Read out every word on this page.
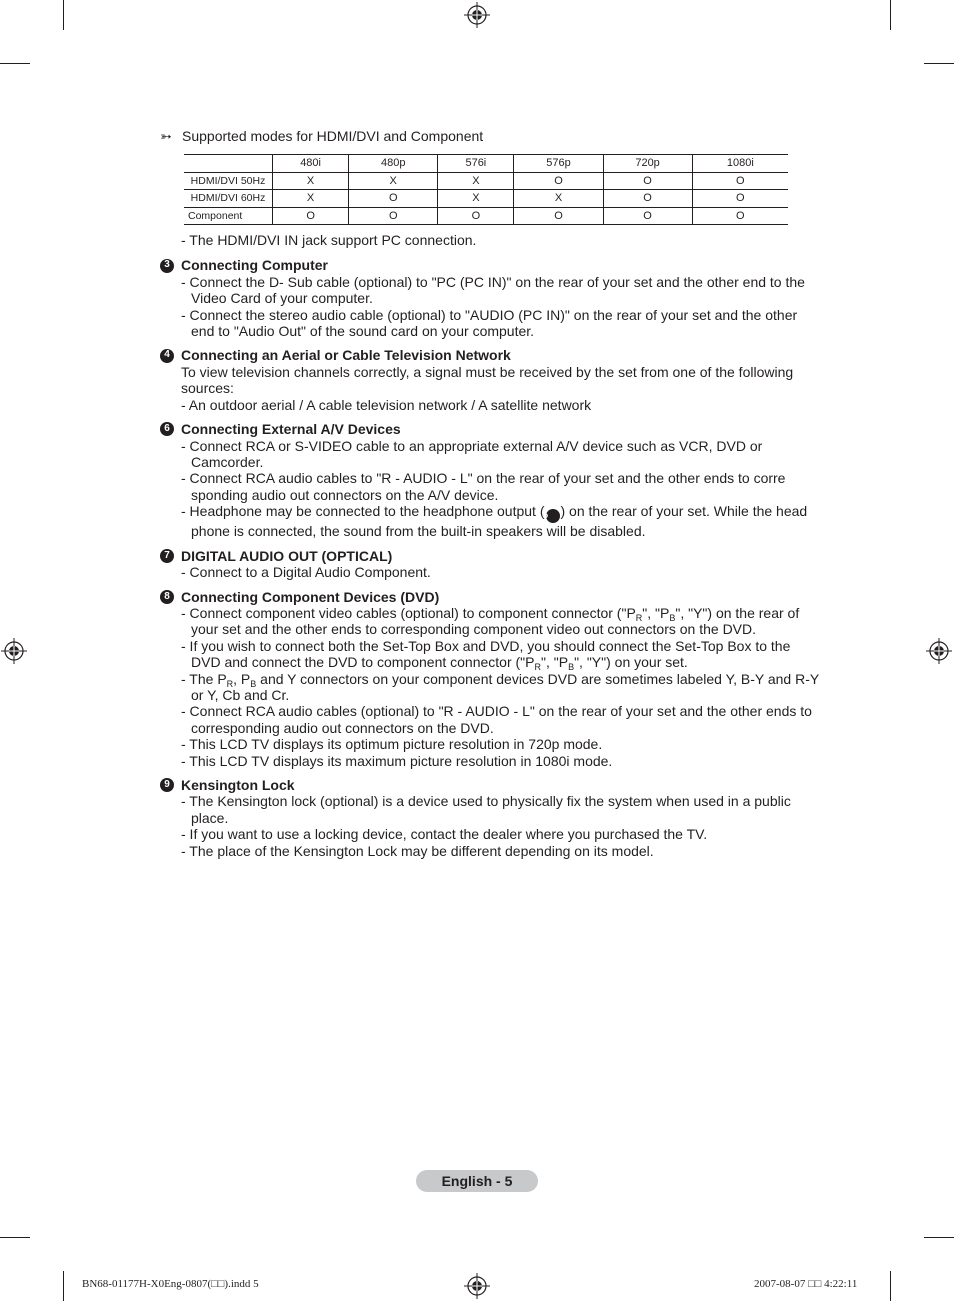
➳ Supported modes for HDMI/DVI and Component
	480i	480p	576i	576p	720p	1080i
HDMI/DVI 50Hz	X	X	X	O	O	O
HDMI/DVI 60Hz	X	O	X	X	O	O
Component	O	O	O	O	O	O
- The HDMI/DVI IN jack support PC connection.
3 Connecting Computer
- Connect the D- Sub cable (optional) to "PC (PC IN)" on the rear of your set and the other end to the Video Card of your computer.
- Connect the stereo audio cable (optional) to "AUDIO (PC IN)" on the rear of your set and the other end to "Audio Out" of the sound card on your computer.
4 Connecting an Aerial or Cable Television Network
To view television channels correctly, a signal must be received by the set from one of the following sources:
- An outdoor aerial / A cable television network / A satellite network
6 Connecting External A/V Devices
- Connect RCA or S-VIDEO cable to an appropriate external A/V device such as VCR, DVD or Camcorder.
- Connect RCA audio cables to "R - AUDIO - L" on the rear of your set and the other ends to corre sponding audio out connectors on the A/V device.
- Headphone may be connected to the headphone output (5 ) on the rear of your set. While the head phone is connected, the sound from the built-in speakers will be disabled.
7 DIGITAL AUDIO OUT (OPTICAL)
- Connect to a Digital Audio Component.
8 Connecting Component Devices (DVD)
- Connect component video cables (optional) to component connector ("$P_R$", "$P_B$", "Y") on the rear of your set and the other ends to corresponding component video out connectors on the DVD.
- If you wish to connect both the Set-Top Box and DVD, you should connect the Set-Top Box to the DVD and connect the DVD to component connector ("$P_R$", "$P_B$", "Y") on your set.
- The $P_R$, $P_B$ and Y connectors on your component devices DVD are sometimes labeled Y, B-Y and R-Y or Y, Cb and Cr.
- Connect RCA audio cables (optional) to "R - AUDIO - L" on the rear of your set and the other ends to corresponding audio out connectors on the DVD.
- This LCD TV displays its optimum picture resolution in 720p mode.
- This LCD TV displays its maximum picture resolution in 1080i mode.
9 Kensington Lock
- The Kensington lock (optional) is a device used to physically fix the system when used in a public place.
- If you want to use a locking device, contact the dealer where you purchased the TV.
- The place of the Kensington Lock may be different depending on its model.
English - 5
BN68-01177H-X0Eng-0807(□□).indd 5	2007-08-07 □□ 4:22:11
